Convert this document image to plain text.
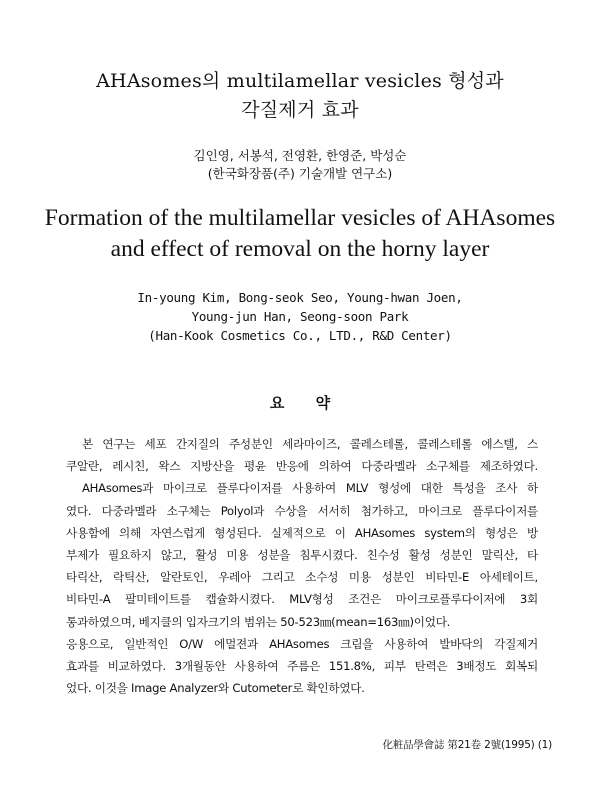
AHAsomes의 multilamellar vesicles 형성과
각질제거 효과
김인영, 서봉석, 전영환, 한영준, 박성순
(한국화장품(주) 기술개발 연구소)
Formation of the multilamellar vesicles of AHAsomes
and effect of removal on the horny layer
In-young Kim, Bong-seok Seo, Young-hwan Joen,
Young-jun Han, Seong-soon Park
(Han-Kook Cosmetics Co., LTD., R&D Center)
요 약
본 연구는 세포 간지질의 주성분인 세라마이즈, 콜레스테롤, 콜레스테롤 에스텔, 스
쿠알란, 레시친, 왁스 지방산을 평윤 반응에 의하여 다중라멜라 소구체를 제조하였다.
AHAsomes과 마이크로 플루다이저를 사용하여 MLV 형성에 대한 특성을 조사 하
였다. 다중라멜라 소구체는 Polyol과 수상을 서서히 첨가하고, 마이크로 플루다이저를
사용함에 의해 자연스럽게 형성된다. 실제적으로 이 AHAsomes system의 형성은 방
부제가 필요하지 않고, 활성 미용 성분을 침투시켰다. 친수성 활성 성분인 말릭산, 타
타릭산, 락틱산, 알란토인, 우레아 그리고 소수성 미용 성분인 비타민-E 아세테이트,
비타민-A 팔미테이트를 캡슐화시켰다. MLV형성 조건은 마이크로플루다이저에 3회
통과하였으며, 베지클의 입자크기의 범위는 50-523㎚(mean=163㎚)이었다.
응용으로, 일반적인 O/W 에멀젼과 AHAsomes 크림을 사용하여 발바닥의 각질제거
효과를 비교하였다. 3개월동안 사용하여 주름은 151.8%, 피부 탄력은 3배정도 회복되
었다. 이것을 Image Analyzer와 Cutometer로 확인하였다.
化粧品學會誌 第21卷 2號(1995) (1)
